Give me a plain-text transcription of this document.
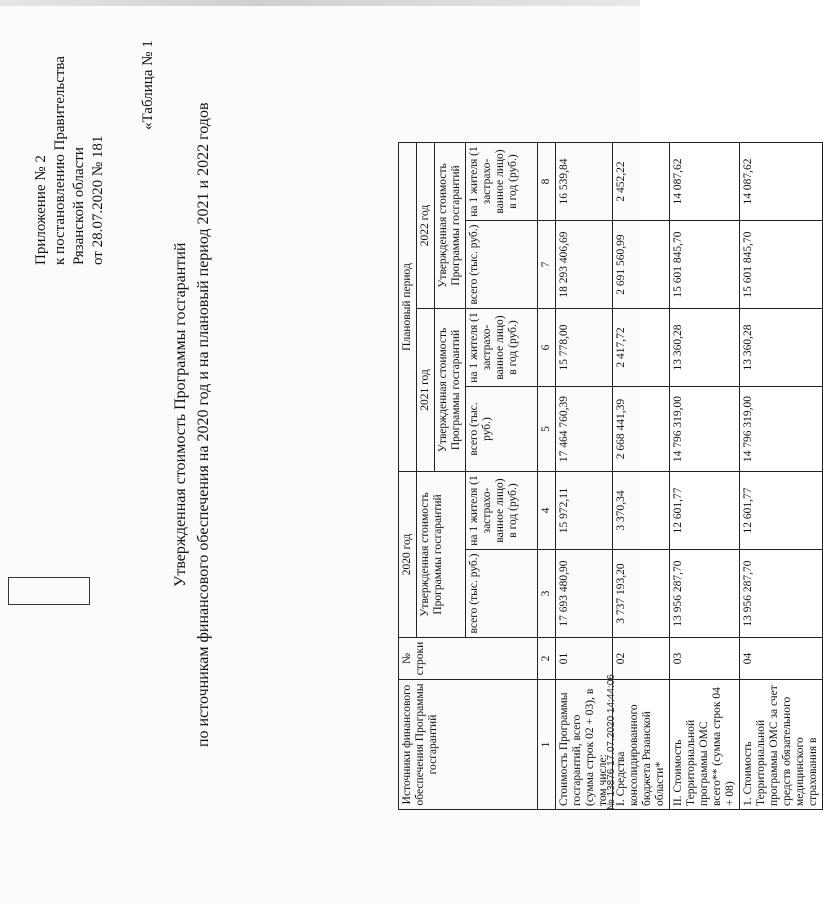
Приложение № 2 к постановлению Правительства Рязанской области от 28.07.2020 № 181
«Таблица № 1
Утвержденная стоимость Программы госгарантий по источникам финансового обеспечения на 2020 год и на плановый период 2021 и 2022 годов	Источники финансового обеспечения Программы госгарантий	№ строки	2020 год		Плановый период			
		Утвержденная стоимость Программы госгарантий		2021 год		2022 год	
				Утвержденная стоимость Программы госгарантий		Утвержденная стоимость Программы госгарантий	
		всего (тыс. руб.)	на 1 жителя (1 застрахо-ванное лицо) в год (руб.)	всего (тыс. руб.)	на 1 жителя (1 застрахо-ванное лицо) в год (руб.)	всего (тыс. руб.)	на 1 жителя (1 застрахо-ванное лицо) в год (руб.)
1	2	3	4	5	6	7	8
Стоимость Программы госгарантий, всего (сумма строк 02 + 03), в том числе:	01	17 693 480,90	15 972,11	17 464 760,39	15 778,00	18 293 406,69	16 539,84
I. Средства консолидированного бюджета Рязанской области*	02	3 737 193,20	3 370,34	2 668 441,39	2 417,72	2 691 560,99	2 452,22
II. Стоимость Территориальной программы ОМС всего** (сумма строк 04 + 08)	03	13 956 287,70	12 601,77	14 796 319,00	13 360,28	15 601 845,70	14 087,62
1. Стоимость Территориальной программы ОМС за счет средств обязательного медицинского страхования в	04	13 956 287,70	12 601,77	14 796 319,00	13 360,28	15 601 845,70	14 087,62
№ 13876 17.07.2020 14:44:06
